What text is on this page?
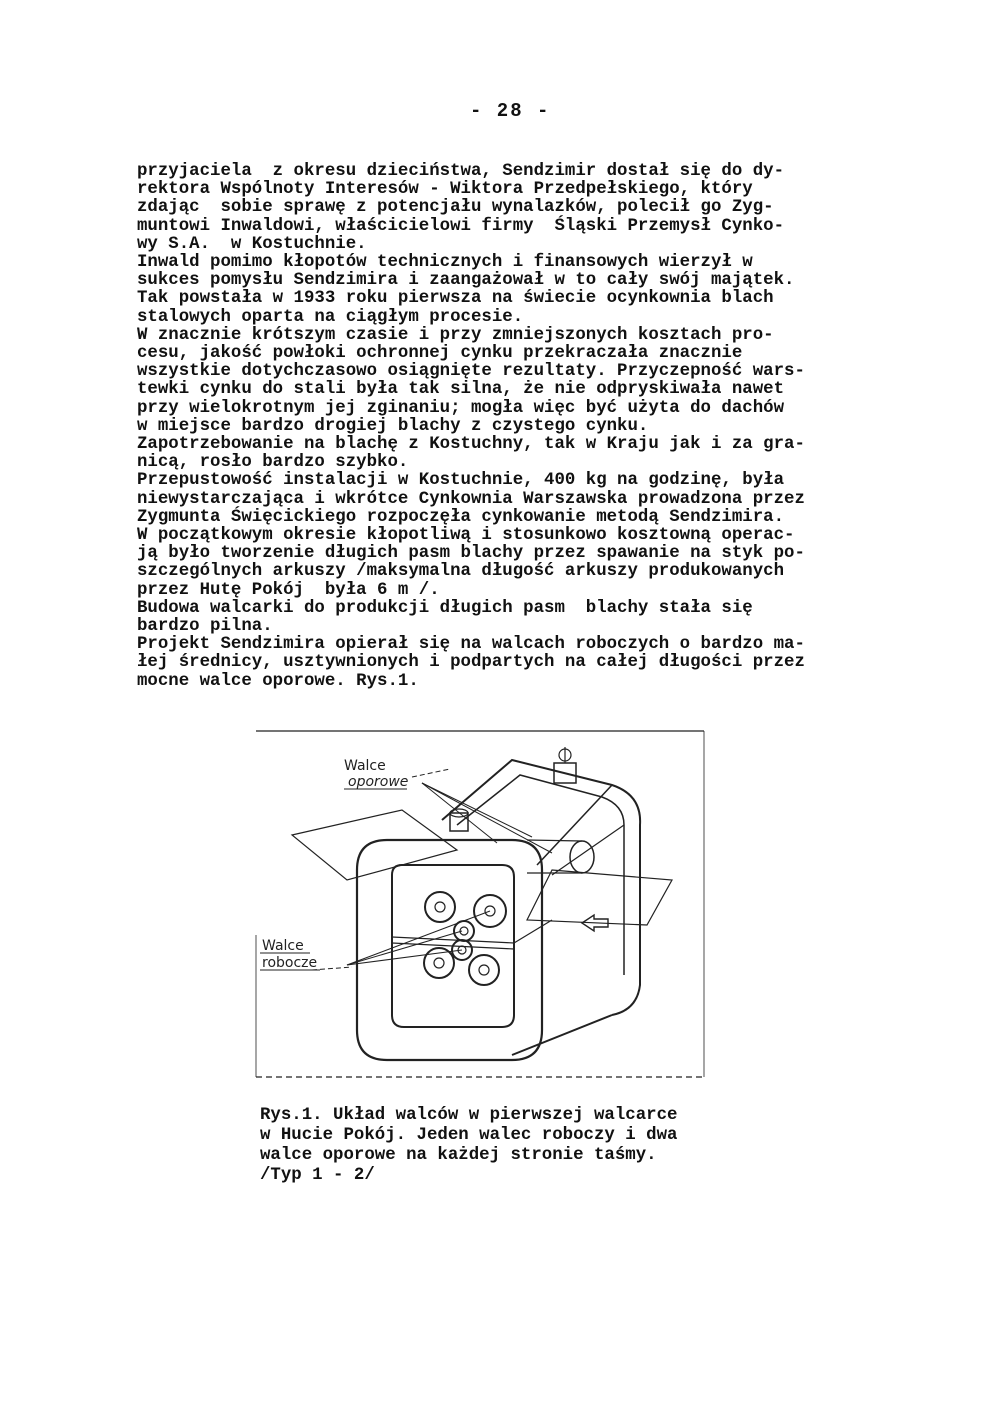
- 28 -
przyjaciela  z okresu dzieciństwa, Sendzimir dostał się do dy-
rektora Wspólnoty Interesów - Wiktora Przedpełskiego, który
zdając  sobie sprawę z potencjału wynalazków, polecił go Zyg-
muntowi Inwaldowi, właścicielowi firmy  Śląski Przemysł Cynko-
wy S.A.  w Kostuchnie.
Inwald pomimo kłopotów technicznych i finansowych wierzył w
sukces pomysłu Sendzimira i zaangażował w to cały swój majątek.
Tak powstała w 1933 roku pierwsza na świecie ocynkownia blach
stalowych oparta na ciągłym procesie.
W znacznie krótszym czasie i przy zmniejszonych kosztach pro-
cesu, jakość powłoki ochronnej cynku przekraczała znacznie
wszystkie dotychczasowo osiągnięte rezultaty. Przyczepność wars-
tewki cynku do stali była tak silna, że nie odpryskiwała nawet
przy wielokrotnym jej zginaniu; mogła więc być użyta do dachów
w miejsce bardzo drogiej blachy z czystego cynku.
Zapotrzebowanie na blachę z Kostuchny, tak w Kraju jak i za gra-
nicą, rosło bardzo szybko.
Przepustowość instalacji w Kostuchnie, 400 kg na godzinę, była
niewystarczająca i wkrótce Cynkownia Warszawska prowadzona przez
Zygmunta Święcickiego rozpoczęła cynkowanie metodą Sendzimira.
W początkowym okresie kłopotliwą i stosunkowo kosztowną operac-
ją było tworzenie długich pasm blachy przez spawanie na styk po-
szczególnych arkuszy /maksymalna długość arkuszy produkowanych
przez Hutę Pokój  była 6 m /.
Budowa walcarki do produkcji długich pasm  blachy stała się
bardzo pilna.
Projekt Sendzimira opierał się na walcach roboczych o bardzo ma-
łej średnicy, usztywnionych i podpartych na całej długości przez
mocne walce oporowe. Rys.1.
Walce
oporowe
Walce
robocze
Rys.1. Układ walców w pierwszej walcarce
w Hucie Pokój. Jeden walec roboczy i dwa
walce oporowe na każdej stronie taśmy.
/Typ 1 - 2/
